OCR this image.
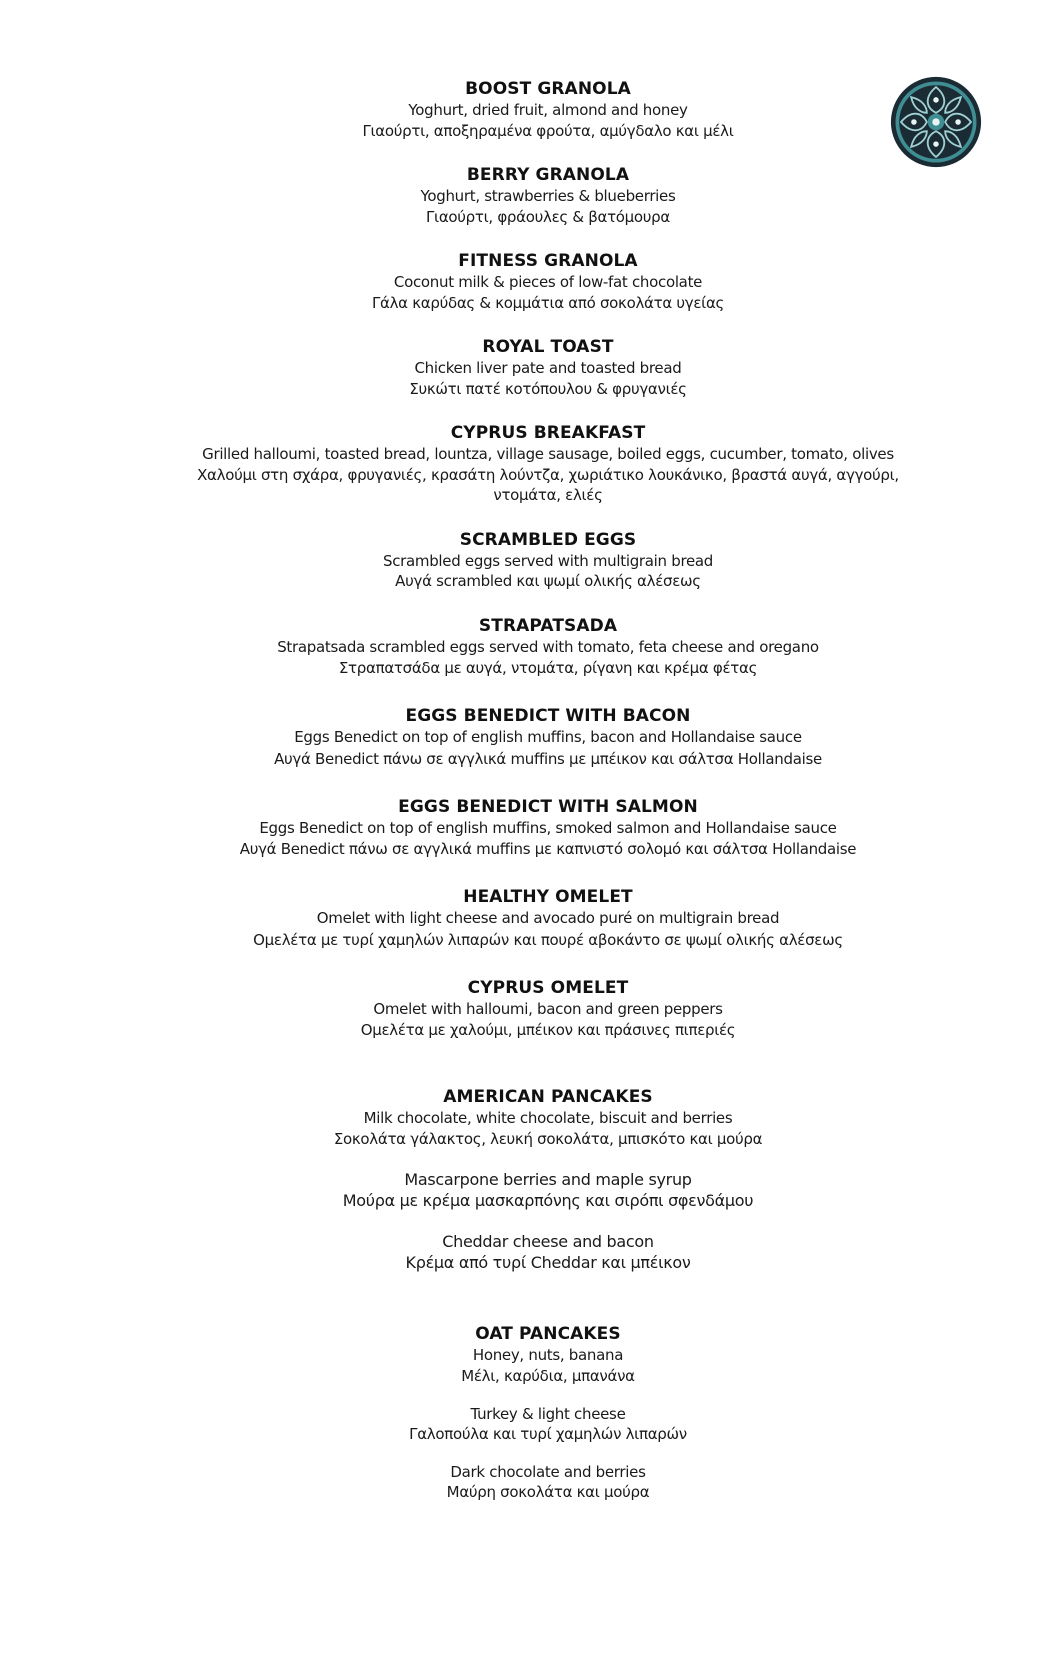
BOOST GRANOLA

Yoghurt, dried fruit, almond and honey

Γιαούρτι, αποξηραμένα φρούτα, αμύγδαλο και μέλι

BERRY GRANOLA

Yoghurt, strawberries & blueberries

Γιαούρτι, φράουλες & βατόμουρα

FITNESS GRANOLA

Coconut milk & pieces of low-fat chocolate

Γάλα καρύδας & κομμάτια από σοκολάτα υγείας

ROYAL TOAST

Chicken liver pate and toasted bread

Συκώτι πατέ κοτόπουλου & φρυγανιές

CYPRUS BREAKFAST

Grilled halloumi, toasted bread, lountza, village sausage, boiled eggs, cucumber, tomato, olives

Χαλούμι στη σχάρα, φρυγανιές, κρασάτη λούντζα, χωριάτικο λουκάνικο, βραστά αυγά, αγγούρι,

ντομάτα, ελιές

SCRAMBLED EGGS

Scrambled eggs served with multigrain bread

Αυγά scrambled και ψωμί ολικής αλέσεως

STRAPATSADA

Strapatsada scrambled eggs served with tomato, feta cheese and oregano

Στραπατσάδα με αυγά, ντομάτα, ρίγανη και κρέμα φέτας

EGGS BENEDICT WITH BACON

Eggs Benedict on top of english muffins, bacon and Hollandaise sauce

Αυγά Benedict πάνω σε αγγλικά muffins με μπέικον και σάλτσα Hollandaise

EGGS BENEDICT WITH SALMON

Eggs Benedict on top of english muffins, smoked salmon and Hollandaise sauce

Αυγά Benedict πάνω σε αγγλικά muffins με καπνιστό σολομό και σάλτσα Hollandaise

HEALTHY OMELET

Omelet with light cheese and avocado puré on multigrain bread

Ομελέτα με τυρί χαμηλών λιπαρών και πουρέ αβοκάντο σε ψωμί ολικής αλέσεως

CYPRUS OMELET

Omelet with halloumi, bacon and green peppers

Ομελέτα με χαλούμι, μπέικον και πράσινες πιπεριές

AMERICAN PANCAKES

Milk chocolate, white chocolate, biscuit and berries

Σοκολάτα γάλακτος, λευκή σοκολάτα, μπισκότο και μούρα

Mascarpone berries and maple syrup

Μούρα με κρέμα μασκαρπόνης και σιρόπι σφενδάμου

Cheddar cheese and bacon

Κρέμα από τυρί Cheddar και μπέικον

OAT PANCAKES

Honey, nuts, banana

Μέλι, καρύδια, μπανάνα

Turkey & light cheese

Γαλοπούλα και τυρί χαμηλών λιπαρών

Dark chocolate and berries

Μαύρη σοκολάτα και μούρα
